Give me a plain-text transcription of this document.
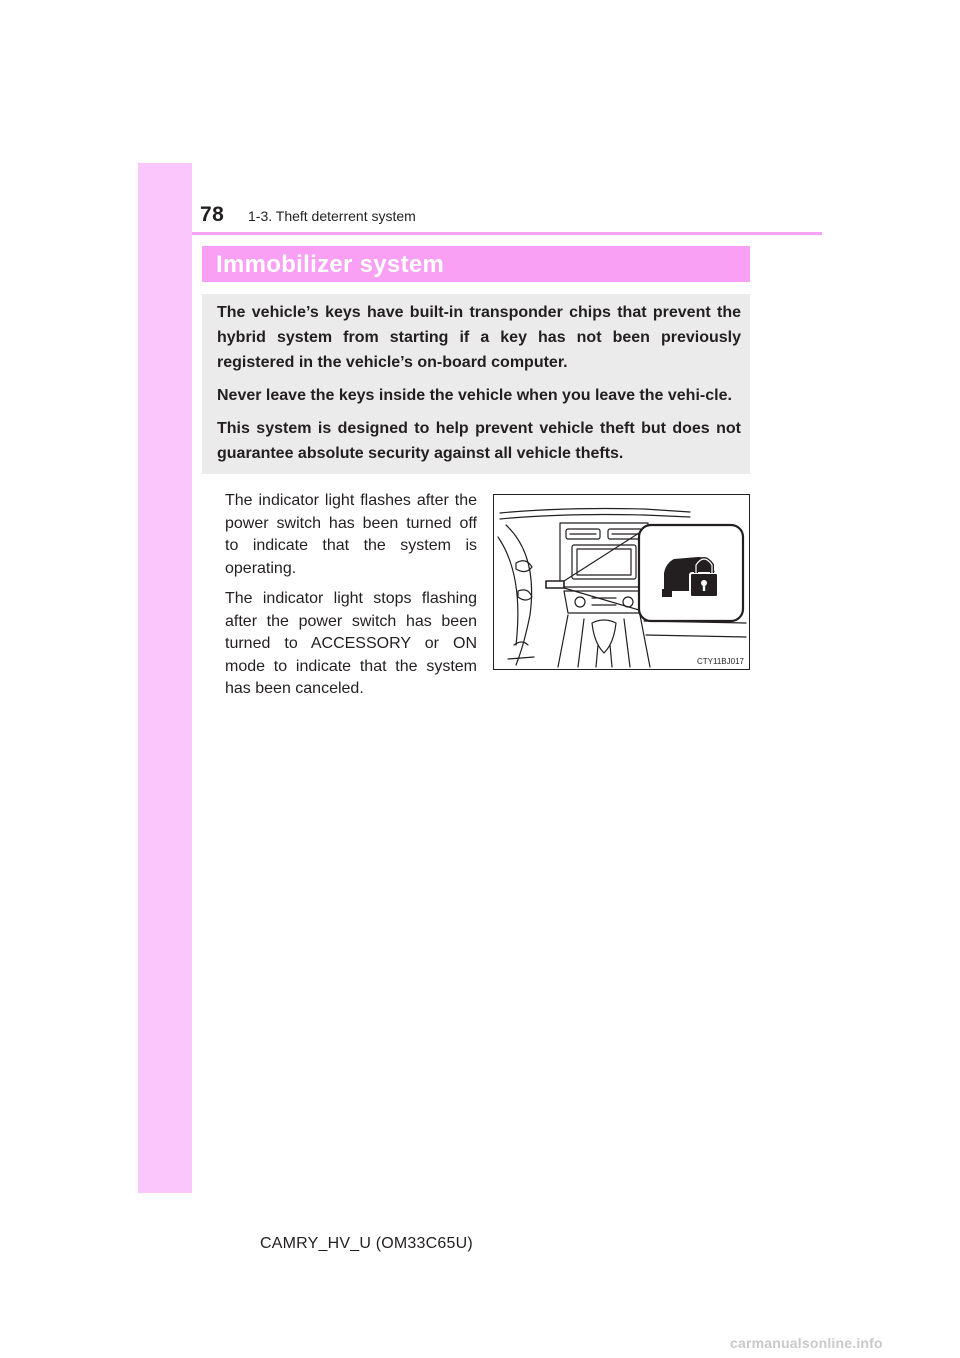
78 1-3. Theft deterrent system
Immobilizer system

The vehicle’s keys have built-in transponder chips that prevent the hybrid system from starting if a key has not been previously registered in the vehicle’s on-board computer.

Never leave the keys inside the vehicle when you leave the vehi-cle.

This system is designed to help prevent vehicle theft but does not guarantee absolute security against all vehicle thefts.

The indicator light flashes after the power switch has been turned off to indicate that the system is operating.

The indicator light stops flashing after the power switch has been turned to ACCESSORY or ON mode to indicate that the system has been canceled.

CTY11BJ017
CAMRY_HV_U (OM33C65U)
carmanualsonline.info
